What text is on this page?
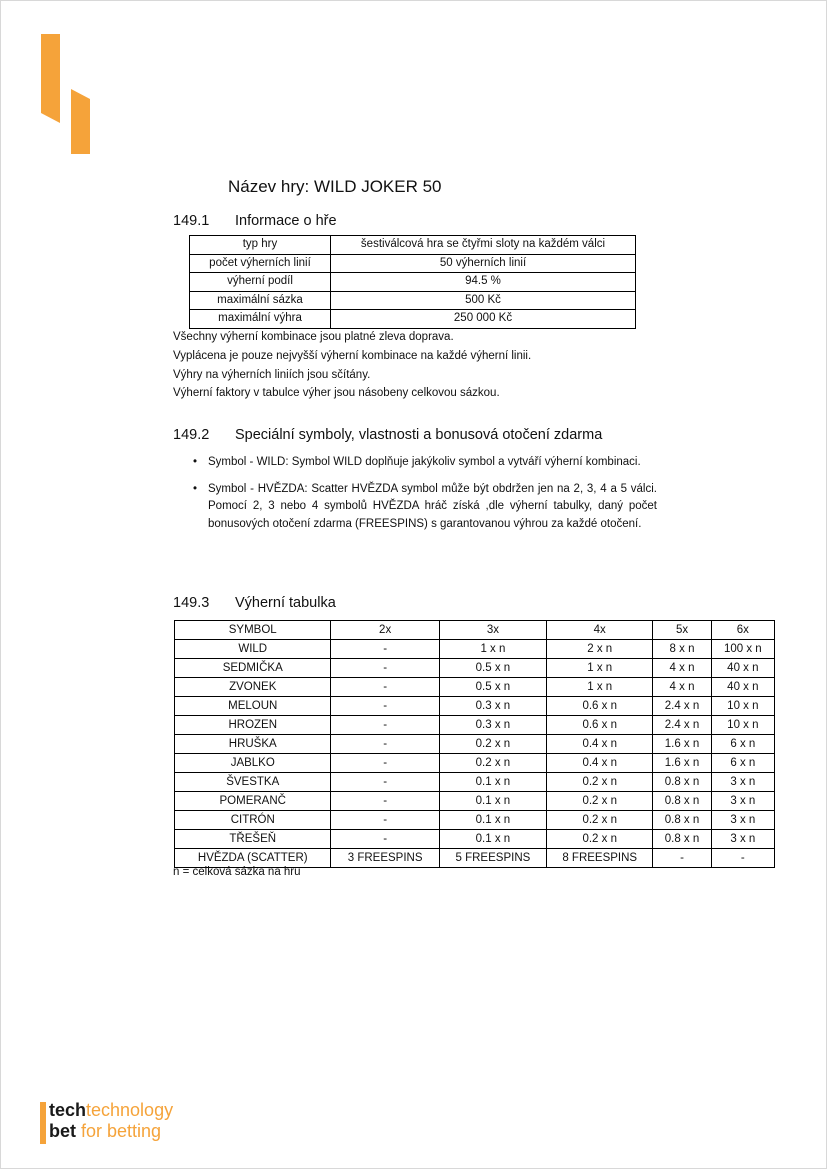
Název hry: WILD JOKER 50
149.1 Informace o hře
typ hry	šestiválcová hra se čtyřmi sloty na každém válci
počet výherních linií	50 výherních linií
výherní podíl	94.5 %
maximální sázka	500 Kč
maximální výhra	250 000 Kč
Všechny výherní kombinace jsou platné zleva doprava.
Vyplácena je pouze nejvyšší výherní kombinace na každé výherní linii.
Výhry na výherních liniích jsou sčítány.
Výherní faktory v tabulce výher jsou násobeny celkovou sázkou.
149.2 Speciální symboly, vlastnosti a bonusová otočení zdarma
• Symbol - WILD: Symbol WILD doplňuje jakýkoliv symbol a vytváří výherní kombinaci.
• Symbol - HVĚZDA: Scatter HVĚZDA symbol může být obdržen jen na 2, 3, 4 a 5 válci. Pomocí 2, 3 nebo 4 symbolů HVĚZDA hráč získá ,dle výherní tabulky, daný počet bonusových otočení zdarma (FREESPINS) s garantovanou výhrou za každé otočení.
149.3 Výherní tabulka
SYMBOL	2x	3x	4x	5x	6x
WILD	-	1 x n	2 x n	8 x n	100 x n
SEDMIČKA	-	0.5 x n	1 x n	4 x n	40 x n
ZVONEK	-	0.5 x n	1 x n	4 x n	40 x n
MELOUN	-	0.3 x n	0.6 x n	2.4 x n	10 x n
HROZEN	-	0.3 x n	0.6 x n	2.4 x n	10 x n
HRUŠKA	-	0.2 x n	0.4 x n	1.6 x n	6 x n
JABLKO	-	0.2 x n	0.4 x n	1.6 x n	6 x n
ŠVESTKA	-	0.1 x n	0.2 x n	0.8 x n	3 x n
POMERANČ	-	0.1 x n	0.2 x n	0.8 x n	3 x n
CITRÓN	-	0.1 x n	0.2 x n	0.8 x n	3 x n
TŘEŠEŇ	-	0.1 x n	0.2 x n	0.8 x n	3 x n
HVĚZDA (SCATTER)	3 FREESPINS	5 FREESPINS	8 FREESPINS	-	-
n = celková sázka na hru
techtechnology
bet for betting
